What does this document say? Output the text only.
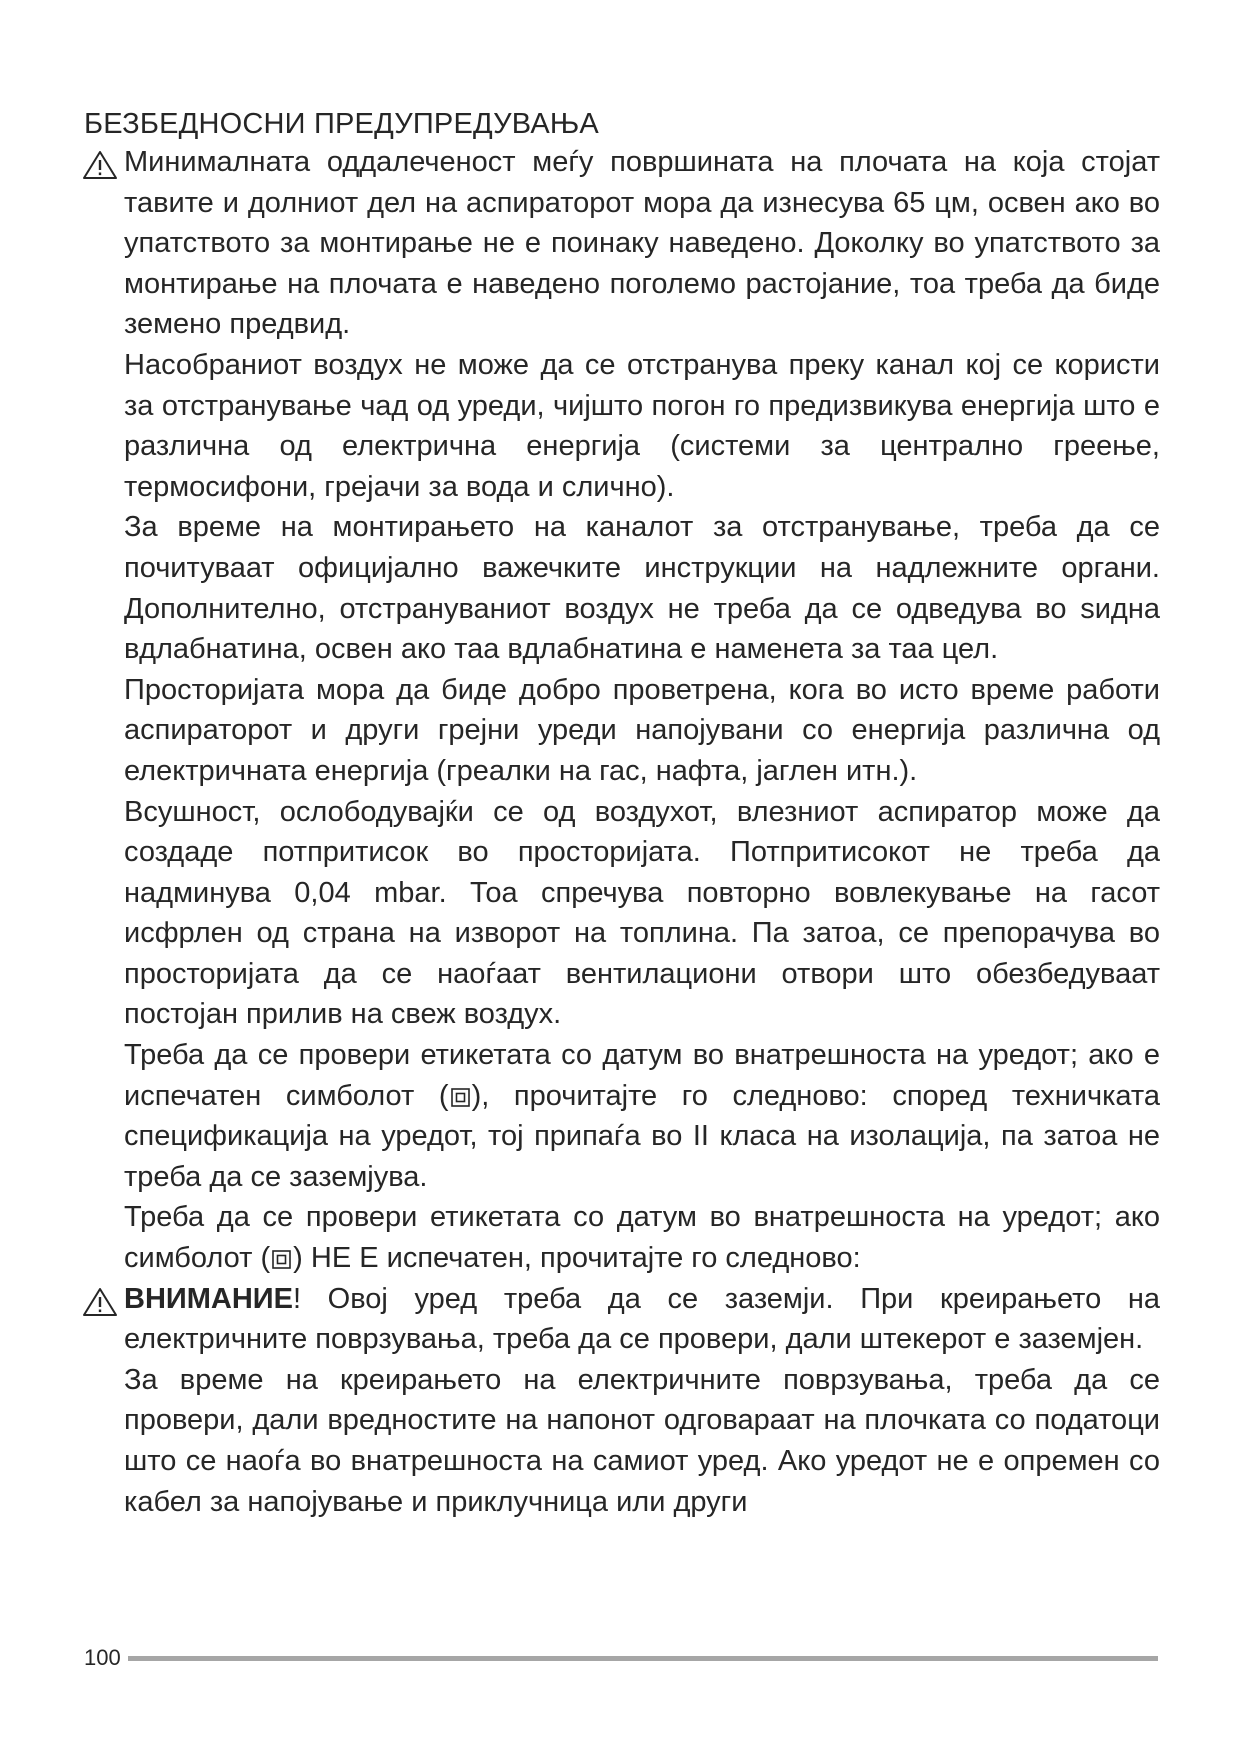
БЕЗБЕДНОСНИ ПРЕДУПРЕДУВАЊА

Минималната оддалеченост меѓу површината на плочата на која стојат тавите и долниот дел на аспираторот мора да изнесува 65 цм, освен ако во упатството за монтирање не е поинаку наведено. Доколку во упатството за монтирање на плочата е наведено поголемо растојание, тоа треба да биде земено предвид.

Насобраниот воздух не може да се отстранува преку канал кој се користи за отстранување чад од уреди, чијшто погон го предизвикува енергија што е различна од електрична енергија (системи за централно греење, термосифони, грејачи за вода и слично).

За време на монтирањето на каналот за отстранување, треба да се почитуваат официјално важечките инструкции на надлежните органи. Дополнително, отстрануваниот воздух не треба да се одведува во ѕидна вдлабнатина, освен ако таа вдлабнатина е наменета за таа цел.

Просторијата мора да биде добро проветрена, кога во исто време работи аспираторот и други грејни уреди напојувани со енергија различна од електричната енергија (греалки на гас, нафта, јаглен итн.).

Всушност, ослободувајќи се од воздухот, влезниот аспиратор може да создаде потпритисок во просторијата. Потпритисокот не треба да надминува 0,04 mbar. Тоа спречува повторно вовлекување на гасот исфрлен од страна на изворот на топлина. Па затоа, се препорачува во просторијата да се наоѓаат вентилациони отвори што обезбедуваат постојан прилив на свеж воздух.

Треба да се провери етикетата со датум во внатрешноста на уредот; ако е испечатен симболот ( ), прочитајте го следново: според техничката спецификација на уредот, тој припаѓа во II класа на изолација, па затоа не треба да се заземјува.

Треба да се провери етикетата со датум во внатрешноста на уредот; ако симболот ( ) НЕ Е испечатен, прочитајте го следново:

ВНИМАНИЕ! Овој уред треба да се заземји. При креирањето на електричните поврзувања, треба да се провери, дали штекерот е заземјен.

За време на креирањето на електричните поврзувања, треба да се провери, дали вредностите на напонот одговараат на плочката со податоци што се наоѓа во внатрешноста на самиот уред. Ако уредот не е опремен со кабел за напојување и приклучница или други

100
